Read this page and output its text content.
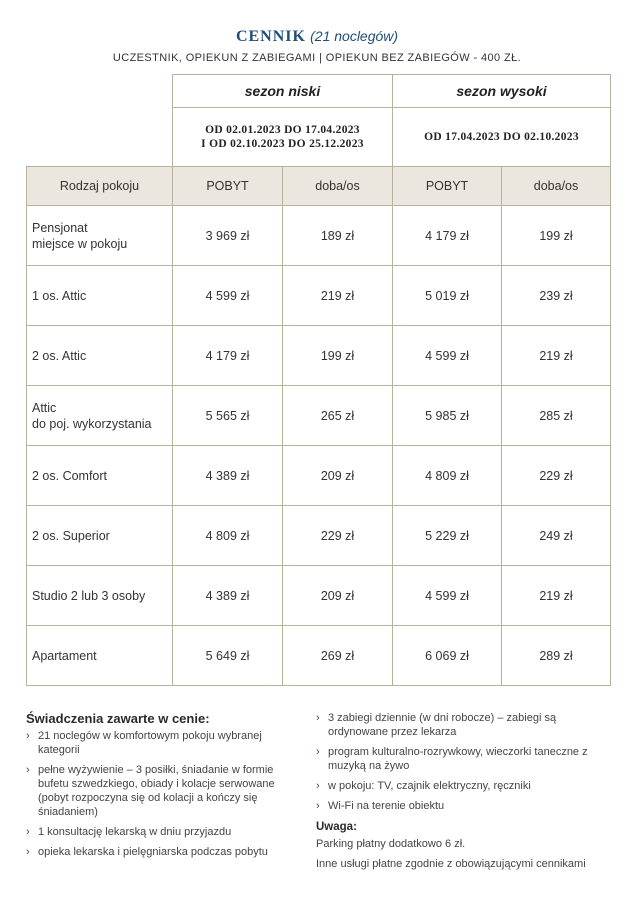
CENNIK (21 noclegów)
UCZESTNIK, OPIEKUN Z ZABIEGAMI | OPIEKUN BEZ ZABIEGÓW - 400 ZŁ.
	sezon niski		sezon wysoki	

	OD 02.01.2023 DO 17.04.2023
I OD 02.10.2023 DO 25.12.2023		OD 17.04.2023 DO 02.10.2023	

Rodzaj pokoju	POBYT	doba/os	POBYT	doba/os

Pensjonat
miejsce w pokoju	3 969 zł	189 zł	4 179 zł	199 zł

1 os. Attic	4 599 zł	219 zł	5 019 zł	239 zł

2 os. Attic	4 179 zł	199 zł	4 599 zł	219 zł

Attic
do poj. wykorzystania	5 565 zł	265 zł	5 985 zł	285 zł

2 os. Comfort	4 389 zł	209 zł	4 809 zł	229 zł

2 os. Superior	4 809 zł	229 zł	5 229 zł	249 zł

Studio 2 lub 3 osoby	4 389 zł	209 zł	4 599 zł	219 zł

Apartament	5 649 zł	269 zł	6 069 zł	289 zł
Świadczenia zawarte w cenie:
› 21 noclegów w komfortowym pokoju wybranej kategorii
› pełne wyżywienie – 3 posiłki, śniadanie w formie bufetu szwedzkiego, obiady i kolacje serwowane (pobyt rozpoczyna się od kolacji a kończy się śniadaniem)
› 1 konsultację lekarską w dniu przyjazdu
› opieka lekarska i pielęgniarska podczas pobytu
› 3 zabiegi dziennie (w dni robocze) – zabiegi są ordynowane przez lekarza
› program kulturalno-rozrywkowy, wieczorki taneczne z muzyką na żywo
› w pokoju: TV, czajnik elektryczny, ręczniki
› Wi-Fi na terenie obiektu
Uwaga:
Parking płatny dodatkowo 6 zł.
Inne usługi płatne zgodnie z obowiązującymi cennikami
